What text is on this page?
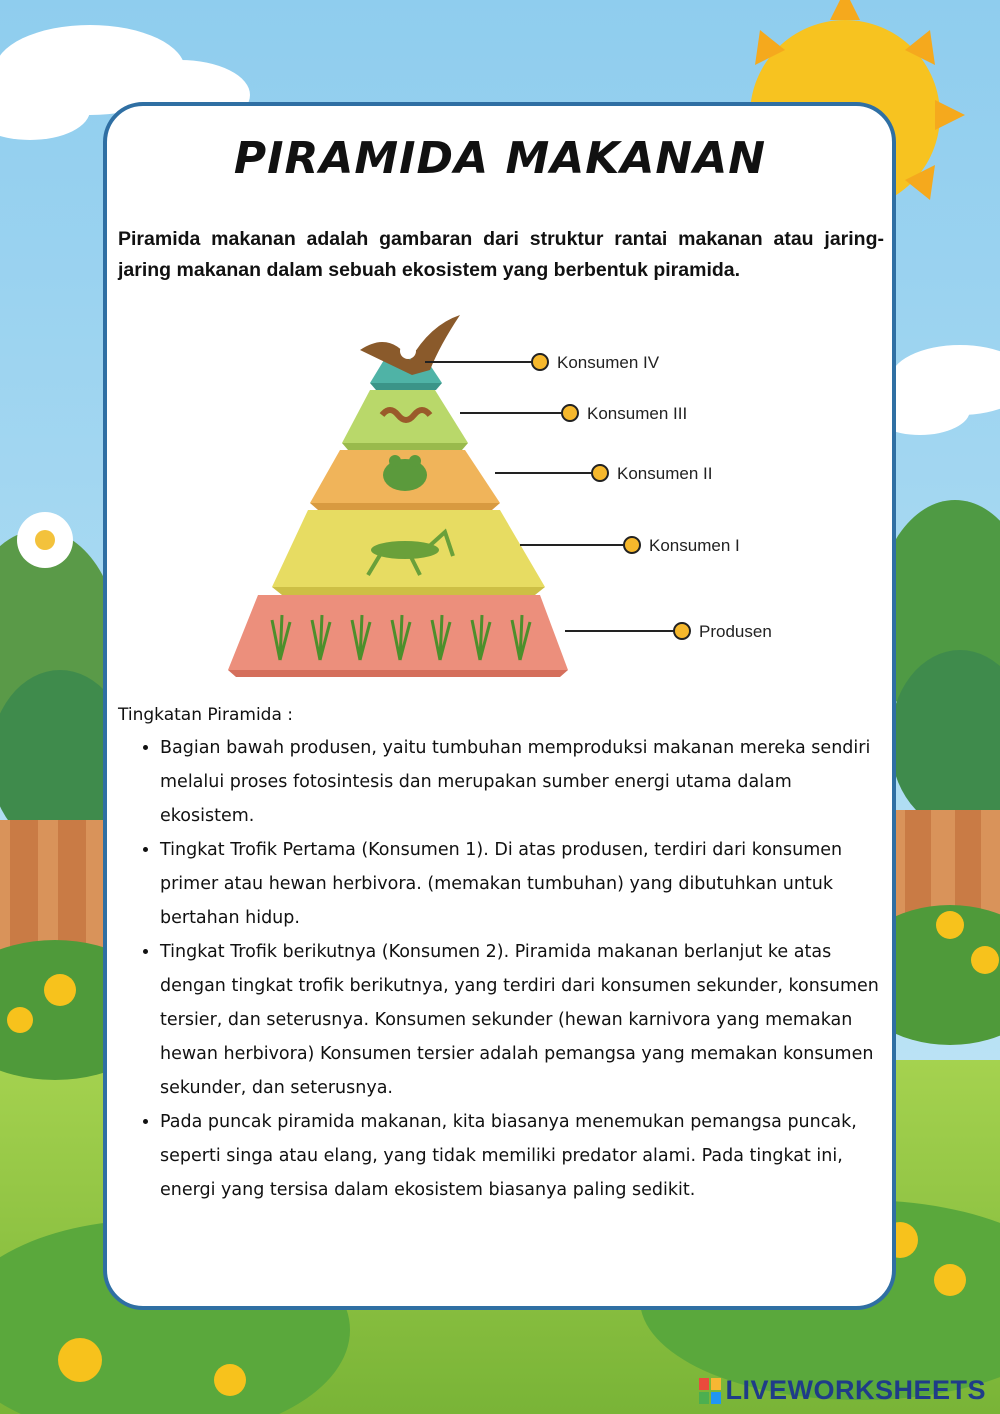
PIRAMIDA MAKANAN
Piramida makanan adalah gambaran dari struktur rantai makanan atau jaring-jaring makanan dalam sebuah ekosistem yang berbentuk piramida.
Konsumen IV
Konsumen III
Konsumen II
Konsumen I
Produsen
Tingkatan Piramida :
• Bagian bawah produsen, yaitu tumbuhan memproduksi makanan mereka sendiri melalui proses fotosintesis dan merupakan sumber energi utama dalam ekosistem.
• Tingkat Trofik Pertama (Konsumen 1). Di atas produsen, terdiri dari konsumen primer atau hewan herbivora. (memakan tumbuhan) yang dibutuhkan untuk bertahan hidup.
• Tingkat Trofik berikutnya (Konsumen 2). Piramida makanan berlanjut ke atas dengan tingkat trofik berikutnya, yang terdiri dari konsumen sekunder, konsumen tersier, dan seterusnya. Konsumen sekunder (hewan karnivora yang memakan hewan herbivora) Konsumen tersier adalah pemangsa yang memakan konsumen sekunder, dan seterusnya.
• Pada puncak piramida makanan, kita biasanya menemukan pemangsa puncak, seperti singa atau elang, yang tidak memiliki predator alami. Pada tingkat ini, energi yang tersisa dalam ekosistem biasanya paling sedikit.
LIVEWORKSHEETS
